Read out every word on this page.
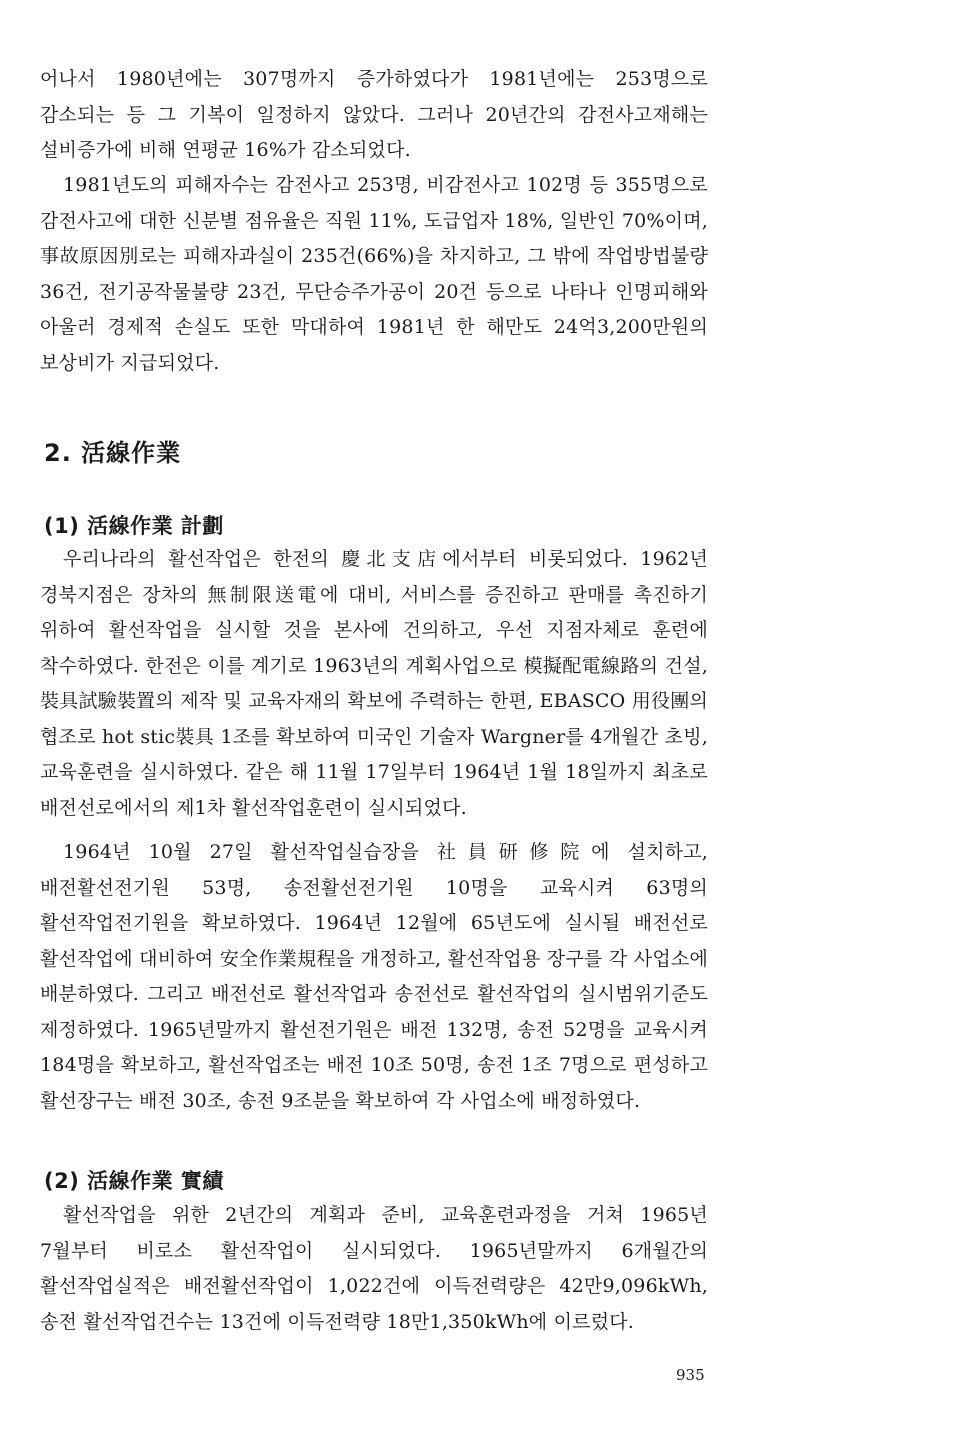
어나서 1980년에는 307명까지 증가하였다가 1981년에는 253명으로 감소되는 등 그 기복이 일정하지 않았다. 그러나 20년간의 감전사고재해는 설비증가에 비해 연평균 16%가 감소되었다.

1981년도의 피해자수는 감전사고 253명, 비감전사고 102명 등 355명으로 감전사고에 대한 신분별 점유율은 직원 11%, 도급업자 18%, 일반인 70%이며, 事故原因別로는 피해자과실이 235건(66%)을 차지하고, 그 밖에 작업방법불량 36건, 전기공작물불량 23건, 무단승주가공이 20건 등으로 나타나 인명피해와 아울러 경제적 손실도 또한 막대하여 1981년 한 해만도 24억3,200만원의 보상비가 지급되었다.

2. 活線作業
(1) 活線作業 計劃

우리나라의 활선작업은 한전의 慶北支店에서부터 비롯되었다. 1962년 경북지점은 장차의 無制限送電에 대비, 서비스를 증진하고 판매를 촉진하기 위하여 활선작업을 실시할 것을 본사에 건의하고, 우선 지점자체로 훈련에 착수하였다. 한전은 이를 계기로 1963년의 계획사업으로 模擬配電線路의 건설, 裝具試驗裝置의 제작 및 교육자재의 확보에 주력하는 한편, EBASCO 用役團의 협조로 hot stic裝具 1조를 확보하여 미국인 기술자 Wargner를 4개월간 초빙, 교육훈련을 실시하였다. 같은 해 11월 17일부터 1964년 1월 18일까지 최초로 배전선로에서의 제1차 활선작업훈련이 실시되었다.

1964년 10월 27일 활선작업실습장을 社員研修院에 설치하고, 배전활선전기원 53명, 송전활선전기원 10명을 교육시켜 63명의 활선작업전기원을 확보하였다. 1964년 12월에 65년도에 실시될 배전선로 활선작업에 대비하여 安全作業規程을 개정하고, 활선작업용 장구를 각 사업소에 배분하였다. 그리고 배전선로 활선작업과 송전선로 활선작업의 실시범위기준도 제정하였다. 1965년말까지 활선전기원은 배전 132명, 송전 52명을 교육시켜 184명을 확보하고, 활선작업조는 배전 10조 50명, 송전 1조 7명으로 편성하고 활선장구는 배전 30조, 송전 9조분을 확보하여 각 사업소에 배정하였다.

(2) 活線作業 實績

활선작업을 위한 2년간의 계획과 준비, 교육훈련과정을 거쳐 1965년 7월부터 비로소 활선작업이 실시되었다. 1965년말까지 6개월간의 활선작업실적은 배전활선작업이 1,022건에 이득전력량은 42만9,096kWh, 송전 활선작업건수는 13건에 이득전력량 18만1,350kWh에 이르렀다.

935
